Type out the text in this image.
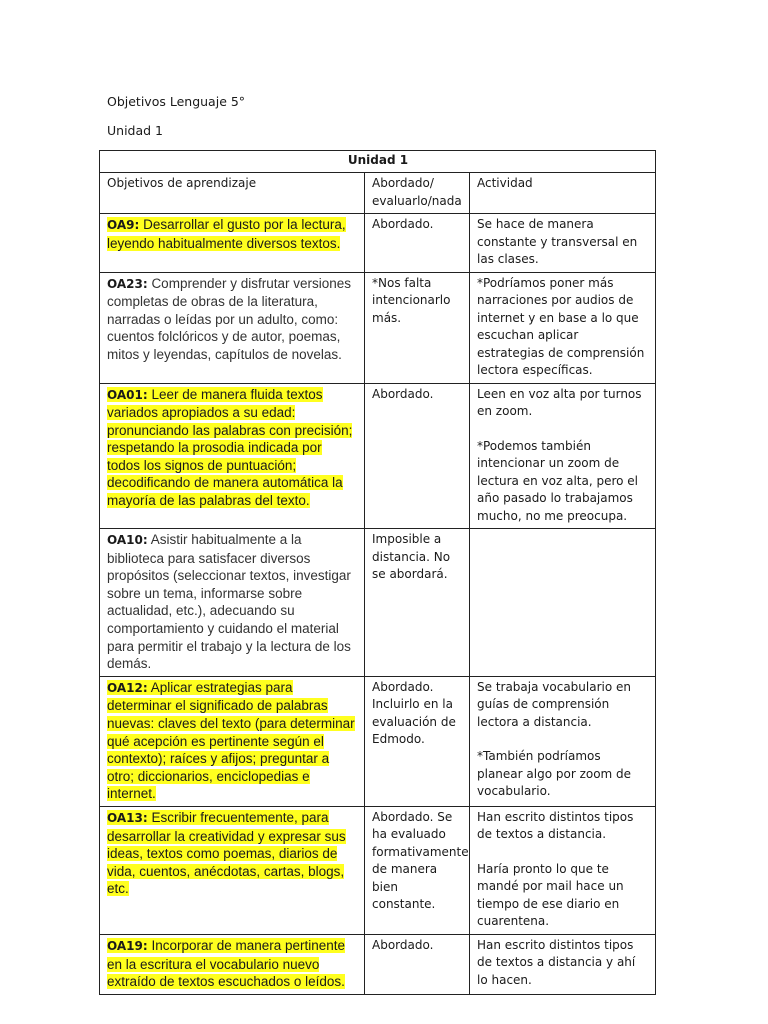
Objetivos Lenguaje 5°
Unidad 1
Unidad 1		
Objetivos de aprendizaje	Abordado/ evaluarlo/nada	Actividad
OA9: Desarrollar el gusto por la lectura, leyendo habitualmente diversos textos.	Abordado.	Se hace de manera constante y transversal en las clases.
OA23: Comprender y disfrutar versiones completas de obras de la literatura, narradas o leídas por un adulto, como: cuentos folclóricos y de autor, poemas, mitos y leyendas, capítulos de novelas.	*Nos falta intencionarlo más.	*Podríamos poner más narraciones por audios de internet y en base a lo que escuchan aplicar estrategias de comprensión lectora específicas.
OA01: Leer de manera fluida textos variados apropiados a su edad: pronunciando las palabras con precisión; respetando la prosodia indicada por todos los signos de puntuación; decodificando de manera automática la mayoría de las palabras del texto.	Abordado.	Leen en voz alta por turnos en zoom.
*Podemos también intencionar un zoom de lectura en voz alta, pero el año pasado lo trabajamos mucho, no me preocupa.
OA10: Asistir habitualmente a la biblioteca para satisfacer diversos propósitos (seleccionar textos, investigar sobre un tema, informarse sobre actualidad, etc.), adecuando su comportamiento y cuidando el material para permitir el trabajo y la lectura de los demás.	Imposible a distancia. No se abordará.	
OA12: Aplicar estrategias para determinar el significado de palabras nuevas: claves del texto (para determinar qué acepción es pertinente según el contexto); raíces y afijos; preguntar a otro; diccionarios, enciclopedias e internet.	Abordado. Incluirlo en la evaluación de Edmodo.	Se trabaja vocabulario en guías de comprensión lectora a distancia.
*También podríamos planear algo por zoom de vocabulario.
OA13: Escribir frecuentemente, para desarrollar la creatividad y expresar sus ideas, textos como poemas, diarios de vida, cuentos, anécdotas, cartas, blogs, etc.	Abordado. Se ha evaluado formativamente de manera bien constante.	Han escrito distintos tipos de textos a distancia.
Haría pronto lo que te mandé por mail hace un tiempo de ese diario en cuarentena.
OA19: Incorporar de manera pertinente en la escritura el vocabulario nuevo extraído de textos escuchados o leídos.	Abordado.	Han escrito distintos tipos de textos a distancia y ahí lo hacen.
